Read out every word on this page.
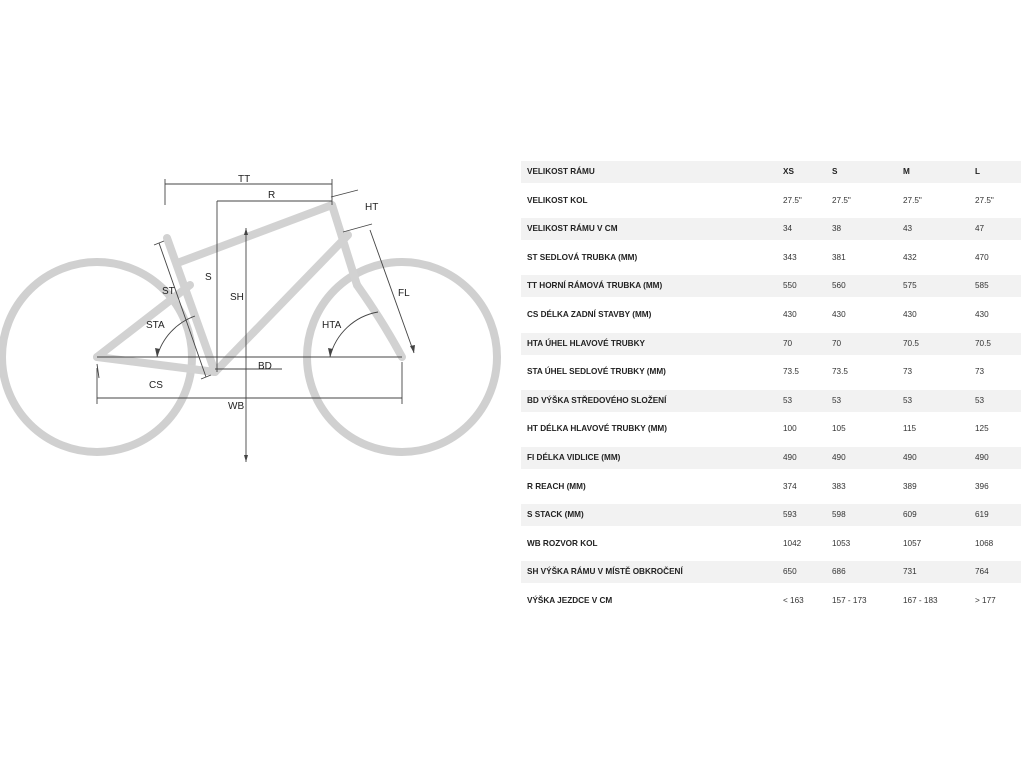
TT
R
HT
ST
S
SH
STA	HTA
FL
BD
CS
WB
VELIKOST RÁMU	XS	S	M	L
VELIKOST KOL	27.5"	27.5"	27.5"	27.5"
VELIKOST RÁMU V CM	34	38	43	47
ST SEDLOVÁ TRUBKA (MM)	343	381	432	470
TT HORNÍ RÁMOVÁ TRUBKA (MM)	550	560	575	585
CS DÉLKA ZADNÍ STAVBY (MM)	430	430	430	430
HTA ÚHEL HLAVOVÉ TRUBKY	70	70	70.5	70.5
STA ÚHEL SEDLOVÉ TRUBKY (MM)	73.5	73.5	73	73
BD VÝŠKA STŘEDOVÉHO SLOŽENÍ	53	53	53	53
HT DÉLKA HLAVOVÉ TRUBKY (MM)	100	105	115	125
FI DÉLKA VIDLICE (MM)	490	490	490	490
R REACH (MM)	374	383	389	396
S STACK (MM)	593	598	609	619
WB ROZVOR KOL	1042	1053	1057	1068
SH VÝŠKA RÁMU V MÍSTĚ OBKROČENÍ	650	686	731	764
VÝŠKA JEZDCE V CM	< 163	157 - 173	167 - 183	> 177
